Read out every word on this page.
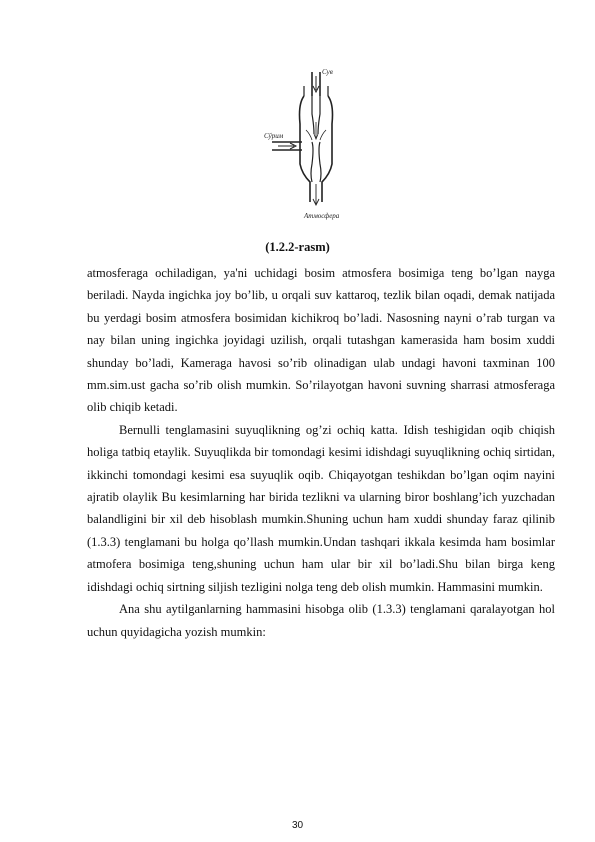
Сув
Сўрим
Атмосфера
(1.2.2-rasm)

atmosferaga ochiladigan, ya'ni uchidagi bosim atmosfera bosimiga teng bo’lgan nayga beriladi. Nayda ingichka joy bo’lib, u orqali suv kattaroq, tezlik bilan oqadi, demak natijada bu yerdagi bosim atmosfera bosimidan kichikroq bo’ladi. Nasosning nayni o’rab turgan va nay bilan uning ingichka joyidagi uzilish, orqali tutashgan kamerasida ham bosim xuddi shunday bo’ladi, Kameraga havosi so’rib olinadigan ulab undagi havoni taxminan 100 mm.sim.ust gacha so’rib olish mumkin. So’rilayotgan havoni suvning sharrasi atmosferaga olib chiqib ketadi.

Bernulli tenglamasini suyuqlikning og’zi ochiq katta. Idish teshigidan oqib chiqish holiga tatbiq etaylik. Suyuqlikda bir tomondagi kesimi idishdagi suyuqlikning ochiq sirtidan, ikkinchi tomondagi kesimi esa suyuqlik oqib. Chiqayotgan teshikdan bo’lgan oqim nayini ajratib olaylik Bu kesimlarning har birida tezlikni va ularning biror boshlang’ich yuzchadan balandligini bir xil deb hisoblash mumkin.Shuning uchun ham xuddi shunday faraz qilinib (1.3.3) tenglamani bu holga qo’llash mumkin.Undan tashqari ikkala kesimda ham bosimlar atmofera bosimiga teng,shuning uchun ham ular bir xil bo’ladi.Shu bilan birga keng idishdagi ochiq sirtning siljish tezligini nolga teng deb olish mumkin. Hammasini mumkin.

Ana shu aytilganlarning hammasini hisobga olib (1.3.3) tenglamani qaralayotgan hol uchun quyidagicha yozish mumkin:

30
